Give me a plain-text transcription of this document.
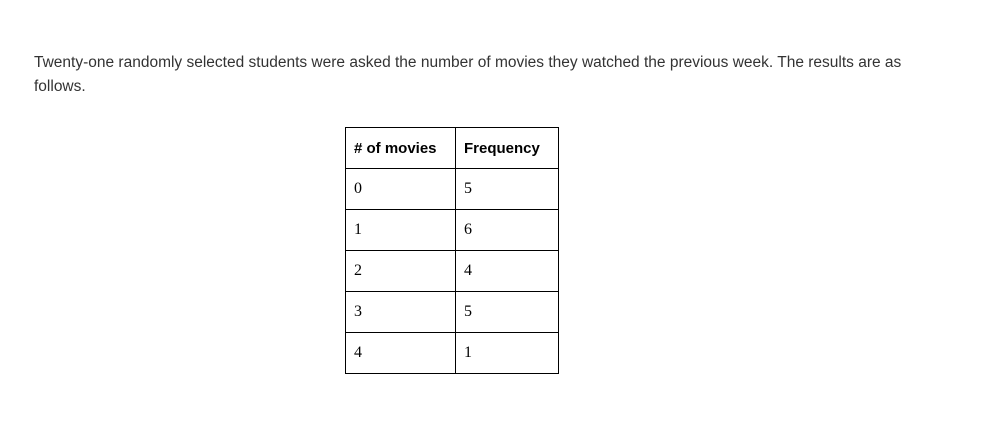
Twenty-one randomly selected students were asked the number of movies they watched the previous week. The results are as follows.

# of movies	Frequency
0	5
1	6
2	4
3	5
4	1
